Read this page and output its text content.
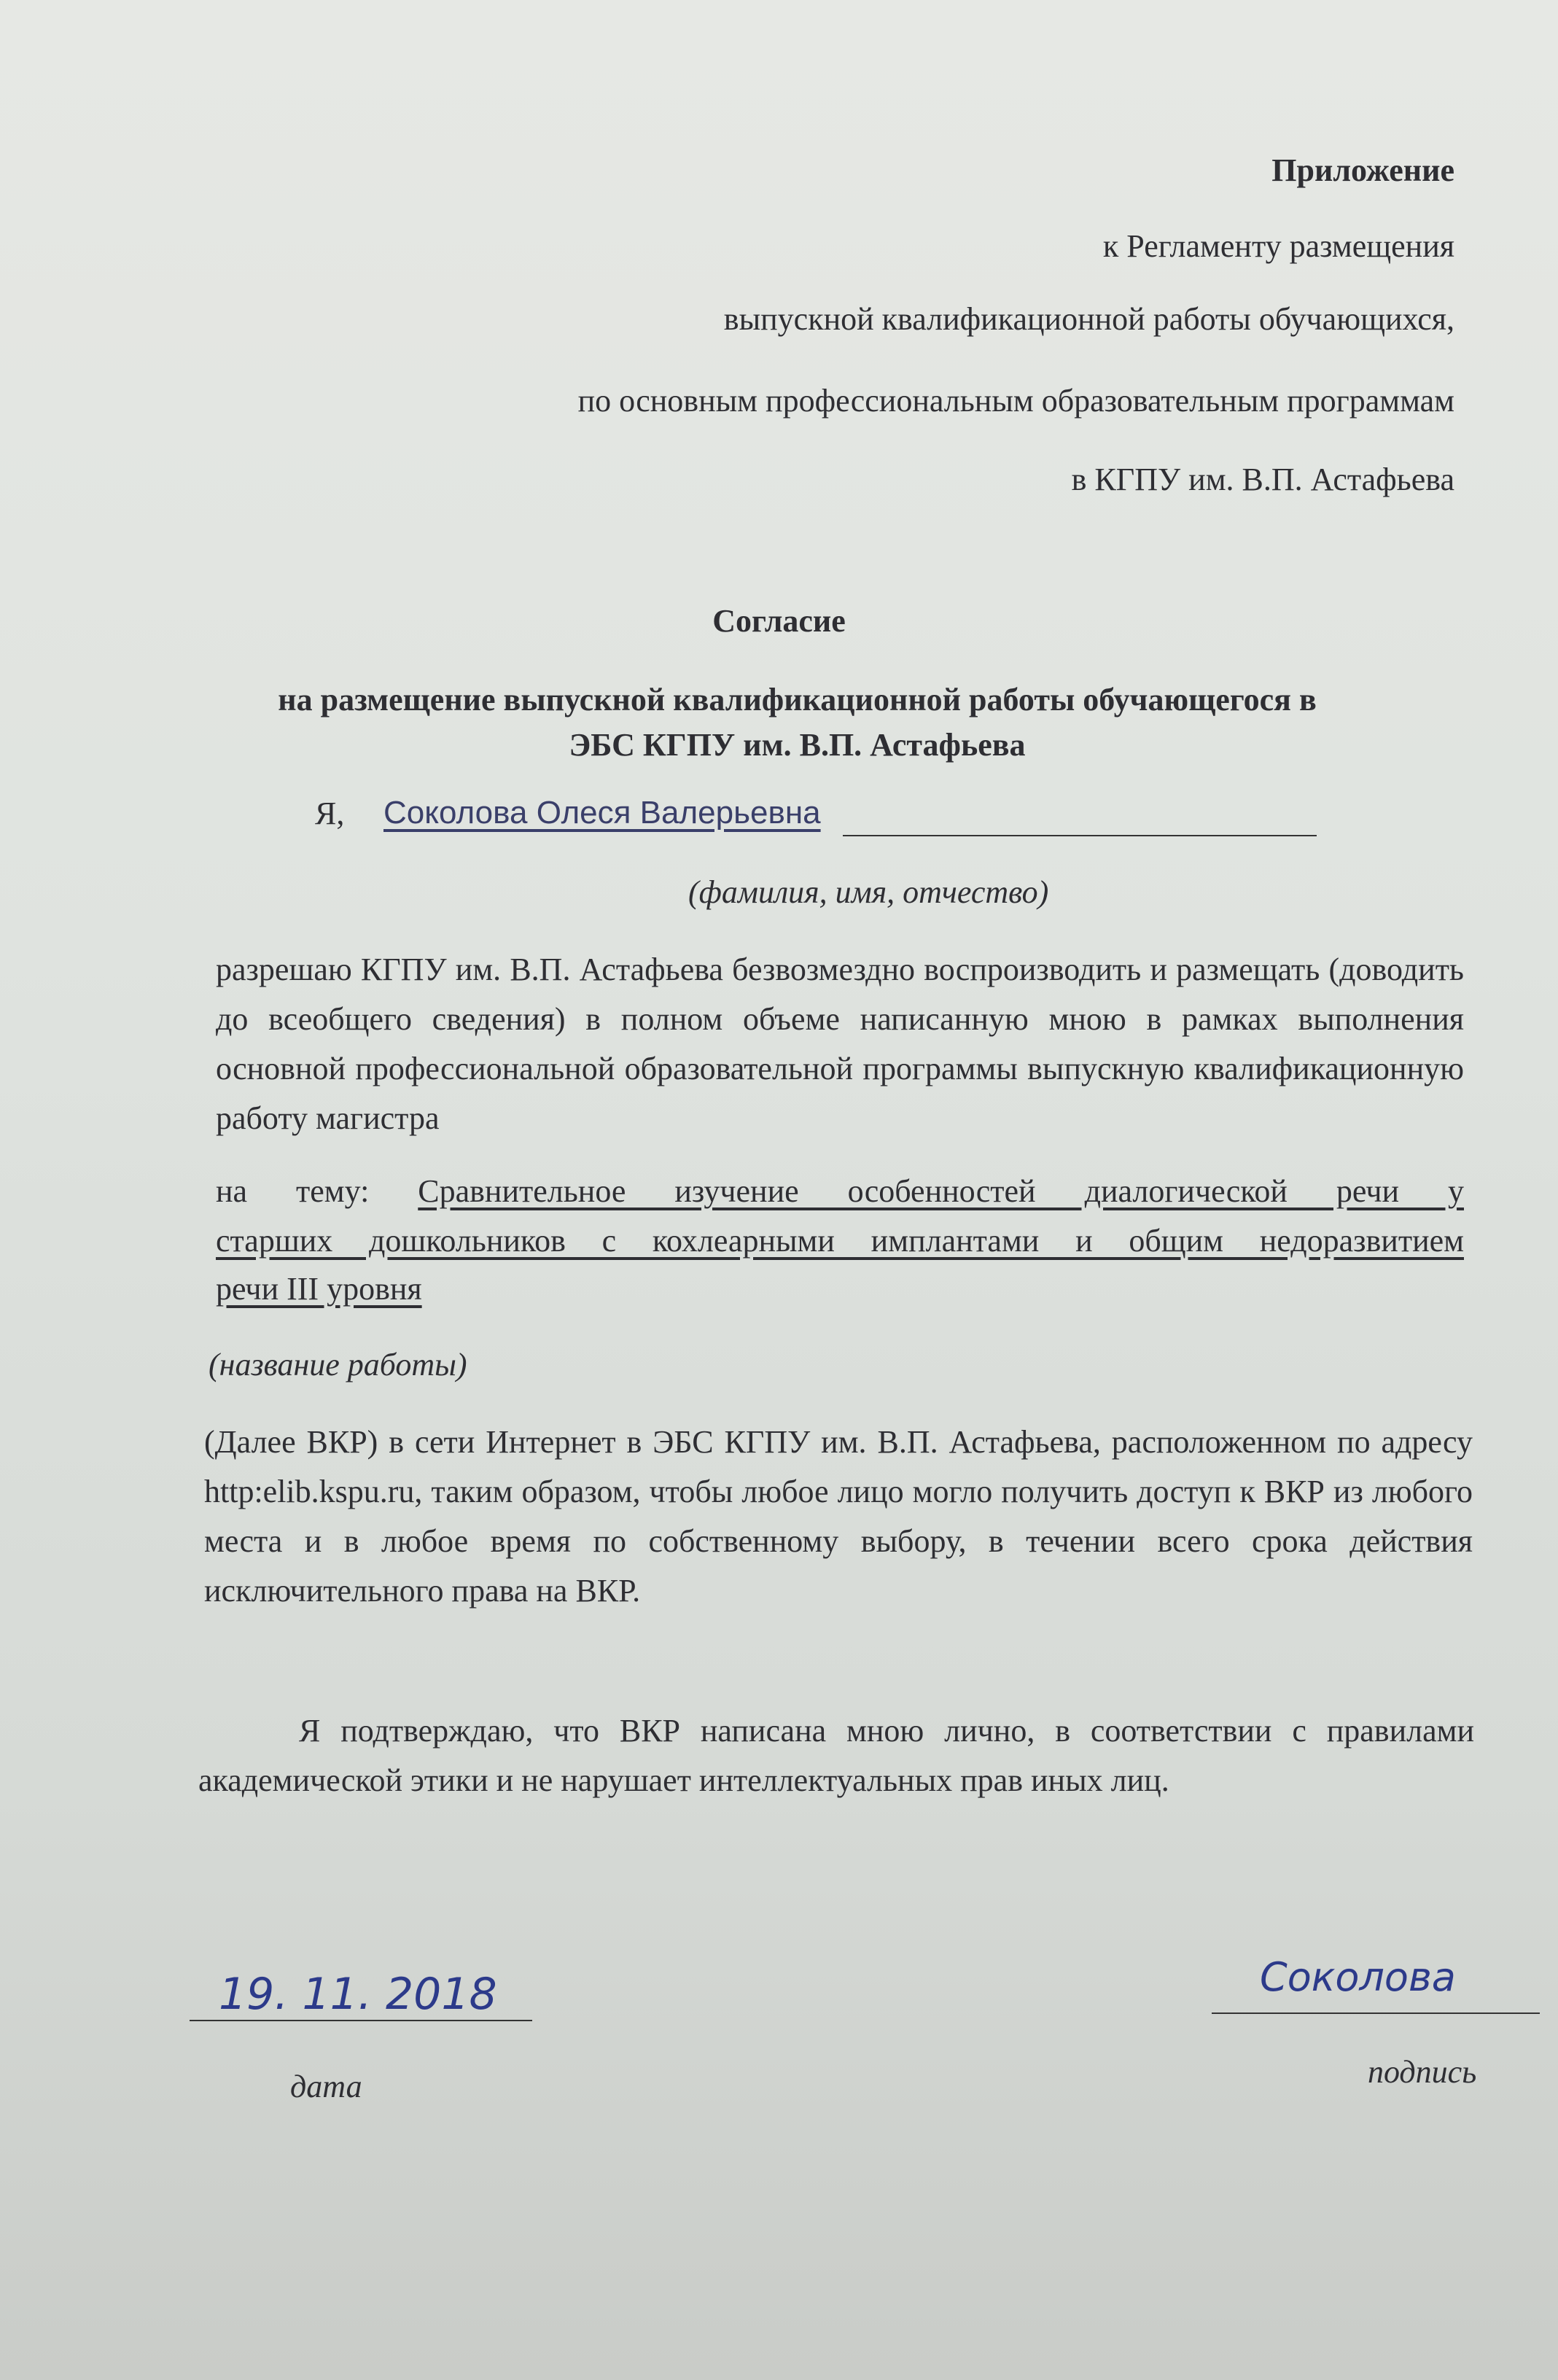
Приложение
к Регламенту размещения
выпускной квалификационной работы обучающихся,
по основным профессиональным образовательным программам
в КГПУ им. В.П. Астафьева
Согласие
на размещение выпускной квалификационной работы обучающегося в
ЭБС КГПУ им. В.П. Астафьева
Я, Соколова Олеся Валерьевна
(фамилия, имя, отчество)
разрешаю КГПУ им. В.П. Астафьева безвозмездно воспроизводить и размещать (доводить до всеобщего сведения) в полном объеме написанную мною в рамках выполнения основной профессиональной образовательной программы выпускную квалификационную работу магистра
на тему: Сравнительное изучение особенностей диалогической речи у
старших дошкольников с кохлеарными имплантами и общим недоразвитием
речи III уровня
(название работы)
(Далее ВКР) в сети Интернет в ЭБС КГПУ им. В.П. Астафьева, расположенном по адресу http:elib.kspu.ru, таким образом, чтобы любое лицо могло получить доступ к ВКР из любого места и в любое время по собственному выбору, в течении всего срока действия исключительного права на ВКР.
Я подтверждаю, что ВКР написана мною лично, в соответствии с правилами академической этики и не нарушает интеллектуальных прав иных лиц.
19. 11. 2018
дата
Соколова
подпись
